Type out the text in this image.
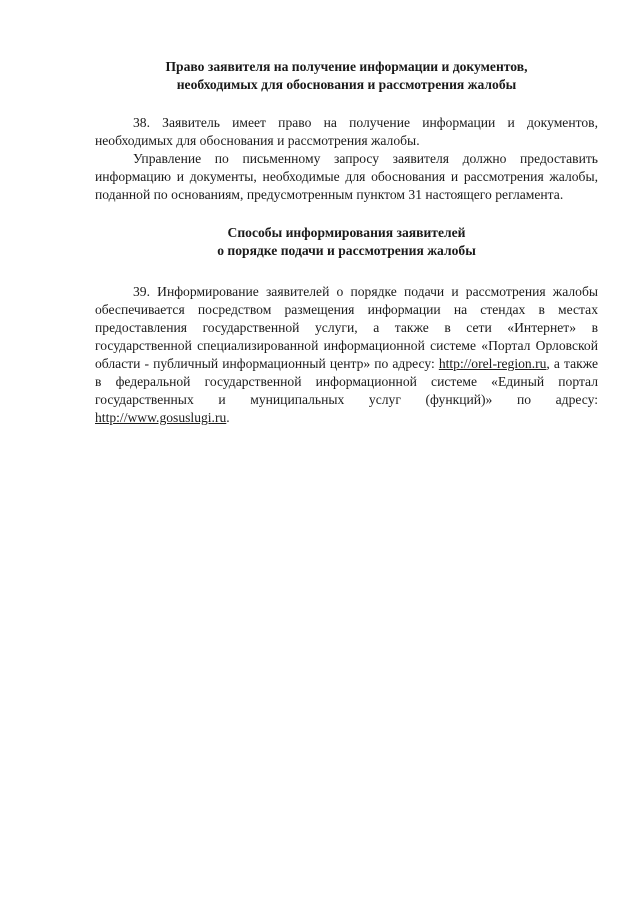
Право заявителя на получение информации и документов,
необходимых для обоснования и рассмотрения жалобы

38. Заявитель имеет право на получение информации и документов, необходимых для обоснования и рассмотрения жалобы.

Управление по письменному запросу заявителя должно предоставить информацию и документы, необходимые для обоснования и рассмотрения жалобы, поданной по основаниям, предусмотренным пунктом 31 настоящего регламента.

Способы информирования заявителей
о порядке подачи и рассмотрения жалобы

39. Информирование заявителей о порядке подачи и рассмотрения жалобы обеспечивается посредством размещения информации на стендах в местах предоставления государственной услуги, а также в сети «Интернет» в государственной специализированной информационной системе «Портал Орловской области - публичный информационный центр» по адресу: http://orel-region.ru, а также в федеральной государственной информационной системе «Единый портал государственных и муниципальных услуг (функций)» по адресу: http://www.gosuslugi.ru.
